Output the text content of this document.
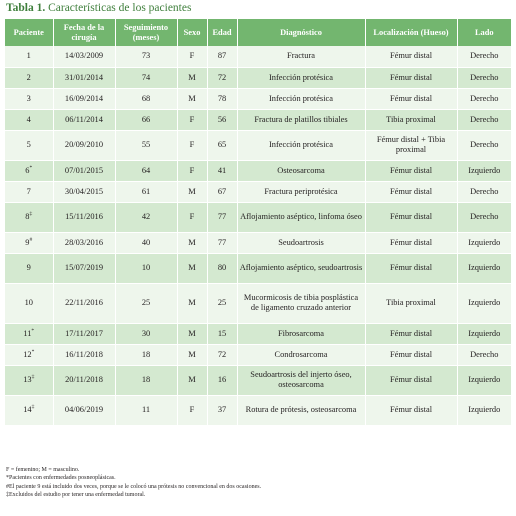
Tabla 1. Características de los pacientes
Paciente	Fecha de la cirugía	Seguimiento (meses)	Sexo	Edad	Diagnóstico	Localización (Hueso)	Lado
1	14/03/2009	73	F	87	Fractura	Fémur distal	Derecho
2	31/01/2014	74	M	72	Infección protésica	Fémur distal	Derecho
3	16/09/2014	68	M	78	Infección protésica	Fémur distal	Derecho
4	06/11/2014	66	F	56	Fractura de platillos tibiales	Tibia proximal	Derecho
5	20/09/2010	55	F	65	Infección protésica	Fémur distal + Tibia proximal	Derecho
6*	07/01/2015	64	F	41	Osteosarcoma	Fémur distal	Izquierdo
7	30/04/2015	61	M	67	Fractura periprotésica	Fémur distal	Derecho
8‡	15/11/2016	42	F	77	Aflojamiento aséptico, linfoma óseo	Fémur distal	Derecho
9#	28/03/2016	40	M	77	Seudoartrosis	Fémur distal	Izquierdo
9	15/07/2019	10	M	80	Aflojamiento aséptico, seudoartrosis	Fémur distal	Izquierdo
10	22/11/2016	25	M	25	Mucormicosis de tibia posplástica de ligamento cruzado anterior	Tibia proximal	Izquierdo
11*	17/11/2017	30	M	15	Fibrosarcoma	Fémur distal	Izquierdo
12*	16/11/2018	18	M	72	Condrosarcoma	Fémur distal	Derecho
13‡	20/11/2018	18	M	16	Seudoartrosis del injerto óseo, osteosarcoma	Fémur distal	Izquierdo
14‡	04/06/2019	11	F	37	Rotura de prótesis, osteosarcoma	Fémur distal	Izquierdo
F = femenino; M = masculino.
*Pacientes con enfermedades posneoplásicas.
#El paciente 9 está incluido dos veces, porque se le colocó una prótesis no convencional en dos ocasiones.
‡Excluidos del estudio por tener una enfermedad tumoral.
